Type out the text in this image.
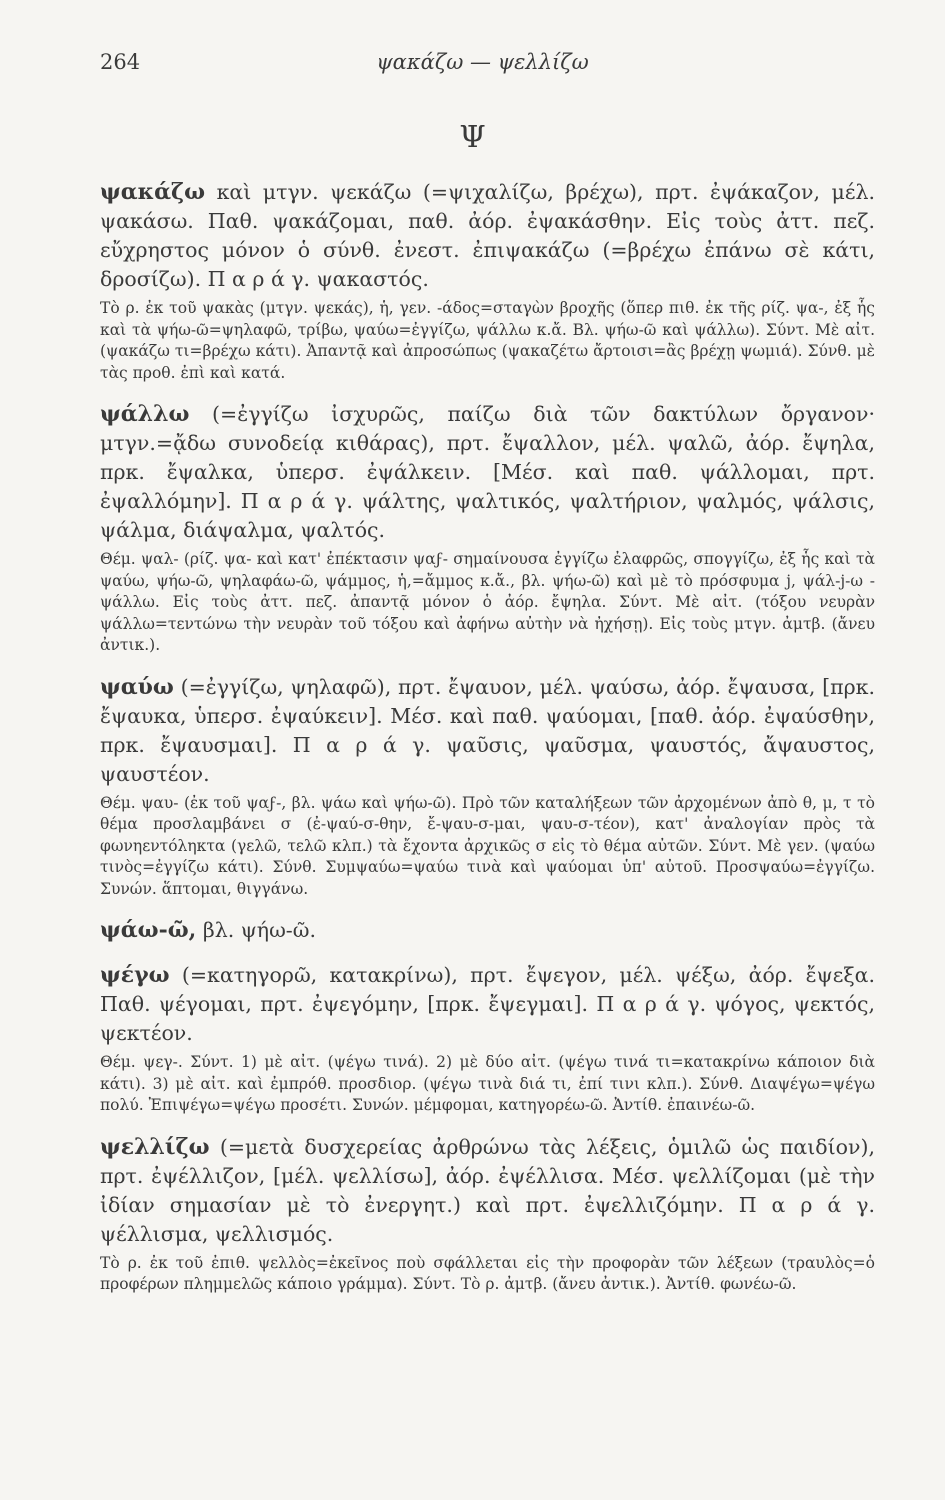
264	ψακάζω — ψελλίζω
Ψ

ψακάζω καὶ μτγν. ψεκάζω (=ψιχαλίζω, βρέχω), πρτ. ἐψάκαζον, μέλ. ψακάσω. Παθ. ψακάζομαι, παθ. ἀόρ. ἐψακάσθην. Εἰς τοὺς ἀττ. πεζ. εὔχρηστος μόνον ὁ σύνθ. ἐνεστ. ἐπιψακάζω (=βρέχω ἐπάνω σὲ κάτι, δροσίζω). Π α ρ ά γ. ψακαστός.

Τὸ ρ. ἐκ τοῦ ψακὰς (μτγν. ψεκάς), ἡ, γεν. -άδος=σταγὼν βροχῆς (ὅπερ πιθ. ἐκ τῆς ρίζ. ψα-, ἐξ ἧς καὶ τὰ ψήω-ῶ=ψηλαφῶ, τρίβω, ψαύω=ἐγγίζω, ψάλλω κ.ἄ. Βλ. ψήω-ῶ καὶ ψάλλω). Σύντ. Μὲ αἰτ. (ψακάζω τι=βρέχω κάτι). Ἀπαντᾷ καὶ ἀπροσώπως (ψακαζέτω ἄρτοισι=ἂς βρέχῃ ψωμιά). Σύνθ. μὲ τὰς προθ. ἐπὶ καὶ κατά.

ψάλλω (=ἐγγίζω ἰσχυρῶς, παίζω διὰ τῶν δακτύλων ὄργανον· μτγν.=ᾄδω συνοδείᾳ κιθάρας), πρτ. ἔψαλλον, μέλ. ψαλῶ, ἀόρ. ἔψηλα, πρκ. ἔψαλκα, ὑπερσ. ἐψάλκειν. [Μέσ. καὶ παθ. ψάλλομαι, πρτ. ἐψαλλόμην]. Π α ρ ά γ. ψάλτης, ψαλτικός, ψαλτήριον, ψαλμός, ψάλσις, ψάλμα, διάψαλμα, ψαλτός.

Θέμ. ψαλ- (ρίζ. ψα- καὶ κατ' ἐπέκτασιν ψαϝ- σημαίνουσα ἐγγίζω ἐλαφρῶς, σπογγίζω, ἐξ ἧς καὶ τὰ ψαύω, ψήω-ῶ, ψηλαφάω-ῶ, ψάμμος, ἡ,=ἄμμος κ.ἄ., βλ. ψήω-ῶ) καὶ μὲ τὸ πρόσφυμα j, ψάλ-j-ω - ψάλλω. Εἰς τοὺς ἀττ. πεζ. ἀπαντᾷ μόνον ὁ ἀόρ. ἔψηλα. Σύντ. Μὲ αἰτ. (τόξου νευρὰν ψάλλω=τεντώνω τὴν νευρὰν τοῦ τόξου καὶ ἀφήνω αὐτὴν νὰ ἠχήσῃ). Εἰς τοὺς μτγν. ἀμτβ. (ἄνευ ἀντικ.).

ψαύω (=ἐγγίζω, ψηλαφῶ), πρτ. ἔψαυον, μέλ. ψαύσω, ἀόρ. ἔψαυσα, [πρκ. ἔψαυκα, ὑπερσ. ἐψαύκειν]. Μέσ. καὶ παθ. ψαύομαι, [παθ. ἀόρ. ἐψαύσθην, πρκ. ἔψαυσμαι]. Π α ρ ά γ. ψαῦσις, ψαῦσμα, ψαυστός, ἄψαυστος, ψαυστέον.

Θέμ. ψαυ- (ἐκ τοῦ ψαϝ-, βλ. ψάω καὶ ψήω-ῶ). Πρὸ τῶν καταλήξεων τῶν ἀρχομένων ἀπὸ θ, μ, τ τὸ θέμα προσλαμβάνει σ (ἐ-ψαύ-σ-θην, ἔ-ψαυ-σ-μαι, ψαυ-σ-τέον), κατ' ἀναλογίαν πρὸς τὰ φωνηεντόληκτα (γελῶ, τελῶ κλπ.) τὰ ἔχοντα ἀρχικῶς σ εἰς τὸ θέμα αὐτῶν. Σύντ. Μὲ γεν. (ψαύω τινὸς=ἐγγίζω κάτι). Σύνθ. Συμψαύω=ψαύω τινὰ καὶ ψαύομαι ὑπ' αὐτοῦ. Προσψαύω=ἐγγίζω. Συνών. ἅπτομαι, θιγγάνω.

ψάω-ῶ, βλ. ψήω-ῶ.

ψέγω (=κατηγορῶ, κατακρίνω), πρτ. ἔψεγον, μέλ. ψέξω, ἀόρ. ἔψεξα. Παθ. ψέγομαι, πρτ. ἐψεγόμην, [πρκ. ἔψεγμαι]. Π α ρ ά γ. ψόγος, ψεκτός, ψεκτέον.

Θέμ. ψεγ-. Σύντ. 1) μὲ αἰτ. (ψέγω τινά). 2) μὲ δύο αἰτ. (ψέγω τινά τι=κατακρίνω κάποιον διὰ κάτι). 3) μὲ αἰτ. καὶ ἐμπρόθ. προσδιορ. (ψέγω τινὰ διά τι, ἐπί τινι κλπ.). Σύνθ. Διαψέγω=ψέγω πολύ. Ἐπιψέγω=ψέγω προσέτι. Συνών. μέμφομαι, κατηγορέω-ῶ. Ἀντίθ. ἐπαινέω-ῶ.

ψελλίζω (=μετὰ δυσχερείας ἀρθρώνω τὰς λέξεις, ὁμιλῶ ὡς παιδίον), πρτ. ἐψέλλιζον, [μέλ. ψελλίσω], ἀόρ. ἐψέλλισα. Μέσ. ψελλίζομαι (μὲ τὴν ἰδίαν σημασίαν μὲ τὸ ἐνεργητ.) καὶ πρτ. ἐψελλιζόμην. Π α ρ ά γ. ψέλλισμα, ψελλισμός.

Τὸ ρ. ἐκ τοῦ ἐπιθ. ψελλὸς=ἐκεῖνος ποὺ σφάλλεται εἰς τὴν προφορὰν τῶν λέξεων (τραυλὸς=ὁ προφέρων πλημμελῶς κάποιο γράμμα). Σύντ. Τὸ ρ. ἀμτβ. (ἄνευ ἀντικ.). Ἀντίθ. φωνέω-ῶ.
